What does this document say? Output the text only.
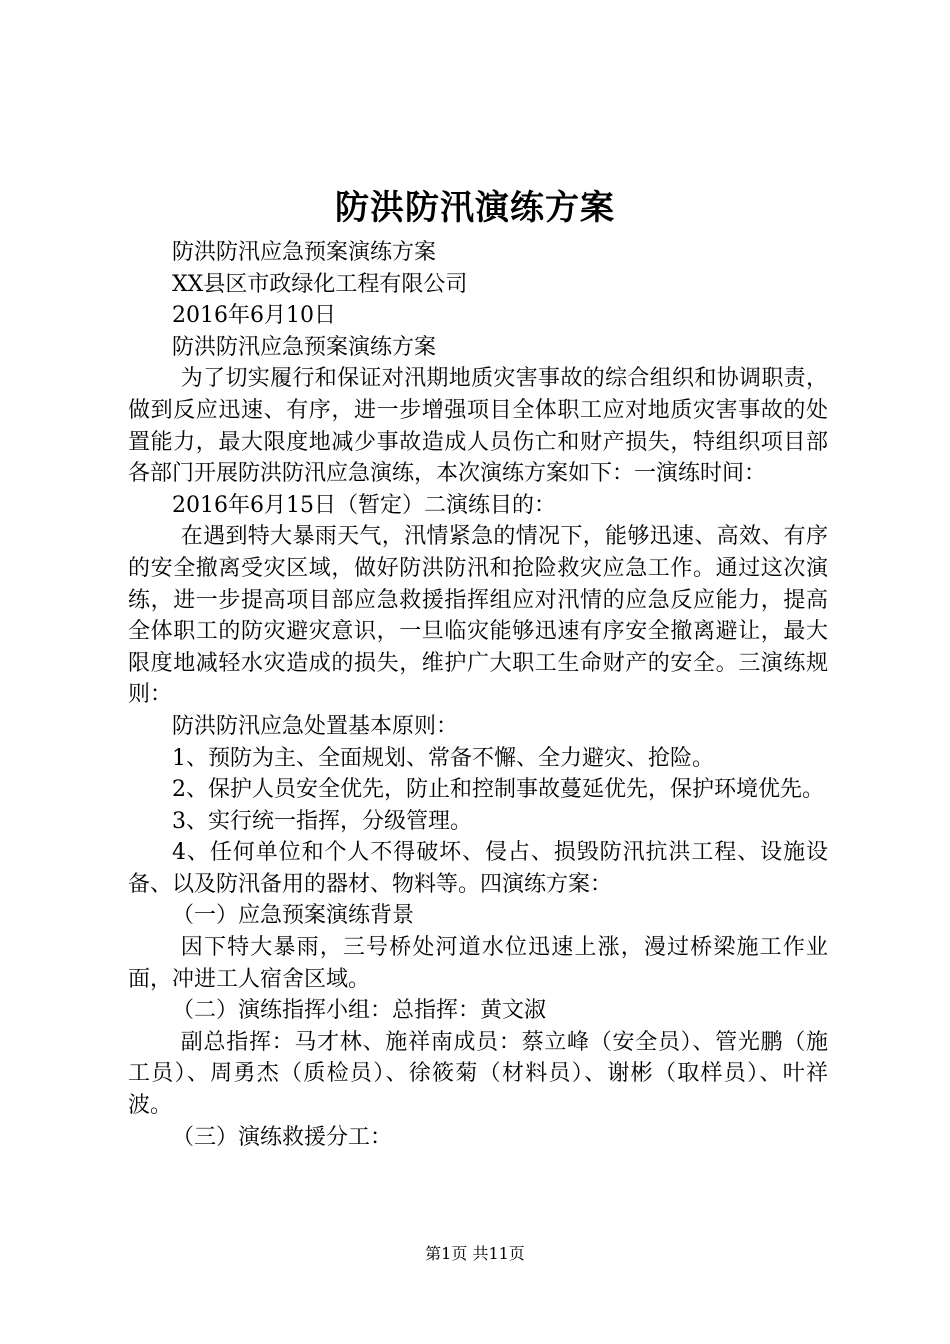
防洪防汛演练方案

防洪防汛应急预案演练方案

XX县区市政绿化工程有限公司

2016年6月10日

防洪防汛应急预案演练方案

为了切实履行和保证对汛期地质灾害事故的综合组织和协调职责，做到反应迅速、有序，进一步增强项目全体职工应对地质灾害事故的处置能力，最大限度地减少事故造成人员伤亡和财产损失，特组织项目部各部门开展防洪防汛应急演练，本次演练方案如下：一演练时间：

2016年6月15日（暂定）二演练目的：

在遇到特大暴雨天气，汛情紧急的情况下，能够迅速、高效、有序的安全撤离受灾区域，做好防洪防汛和抢险救灾应急工作。通过这次演练，进一步提高项目部应急救援指挥组应对汛情的应急反应能力，提高全体职工的防灾避灾意识，一旦临灾能够迅速有序安全撤离避让，最大限度地减轻水灾造成的损失，维护广大职工生命财产的安全。三演练规则：

防洪防汛应急处置基本原则：

1、预防为主、全面规划、常备不懈、全力避灾、抢险。

2、保护人员安全优先，防止和控制事故蔓延优先，保护环境优先。

3、实行统一指挥，分级管理。

4、任何单位和个人不得破坏、侵占、损毁防汛抗洪工程、设施设备、以及防汛备用的器材、物料等。四演练方案：

（一）应急预案演练背景

因下特大暴雨，三号桥处河道水位迅速上涨，漫过桥梁施工作业面，冲进工人宿舍区域。

（二）演练指挥小组：总指挥：黄文淑

副总指挥：马才林、施祥南成员：蔡立峰（安全员）、管光鹏（施工员）、周勇杰（质检员）、徐筱菊（材料员）、谢彬（取样员）、叶祥波。

（三）演练救援分工：

第1页 共11页
